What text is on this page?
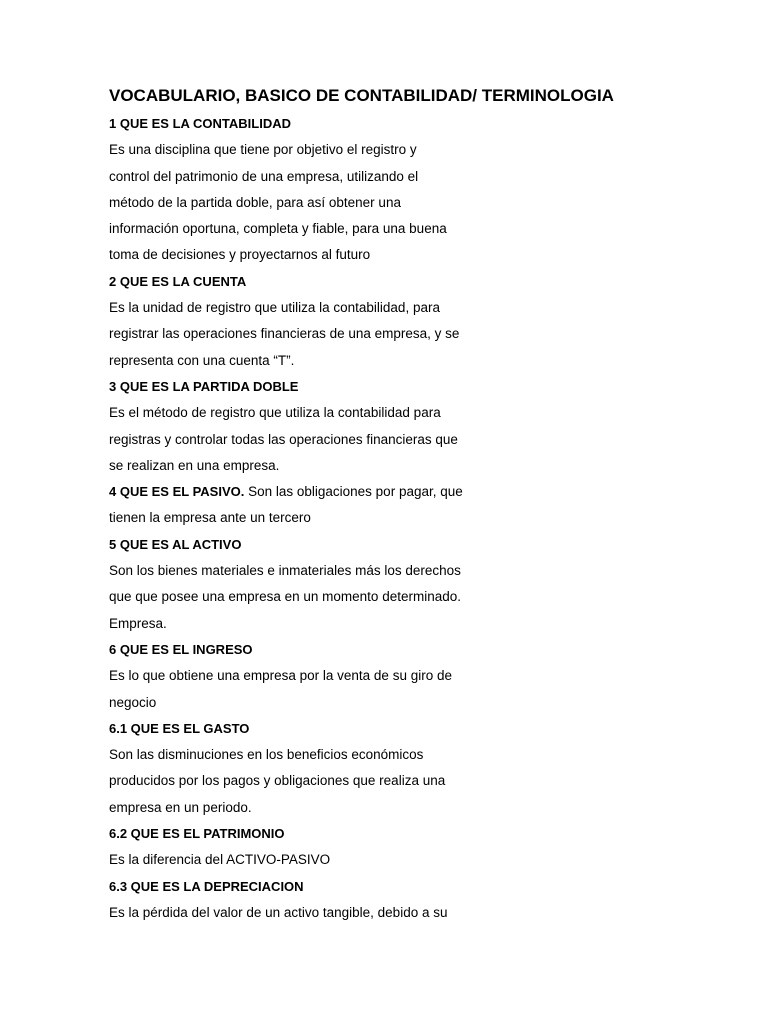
VOCABULARIO, BASICO DE CONTABILIDAD/ TERMINOLOGIA
1 QUE ES LA CONTABILIDAD

Es una disciplina que tiene por objetivo el registro y

control del patrimonio de una empresa, utilizando el

método de la partida doble, para así obtener una

información oportuna, completa y fiable, para una buena

toma de decisiones y proyectarnos al futuro

2 QUE ES LA CUENTA

Es la unidad de registro que utiliza la contabilidad, para

registrar las operaciones financieras de una empresa, y se

representa con una cuenta “T”.

3 QUE ES LA PARTIDA DOBLE

Es el método de registro que utiliza la contabilidad para

registras y controlar todas las operaciones financieras que

se realizan en una empresa.

4 QUE ES EL PASIVO. Son las obligaciones por pagar, que

tienen la empresa ante un tercero

5 QUE ES AL ACTIVO

Son los bienes materiales e inmateriales más los derechos

que que posee una empresa en un momento determinado.

Empresa.

6 QUE ES EL INGRESO

Es lo que obtiene una empresa por la venta de su giro de

negocio

6.1 QUE ES EL GASTO

Son las disminuciones en los beneficios económicos

producidos por los pagos y obligaciones que realiza una

empresa en un periodo.

6.2 QUE ES EL PATRIMONIO

Es la diferencia del ACTIVO-PASIVO

6.3 QUE ES LA DEPRECIACION

Es la pérdida del valor de un activo tangible, debido a su
